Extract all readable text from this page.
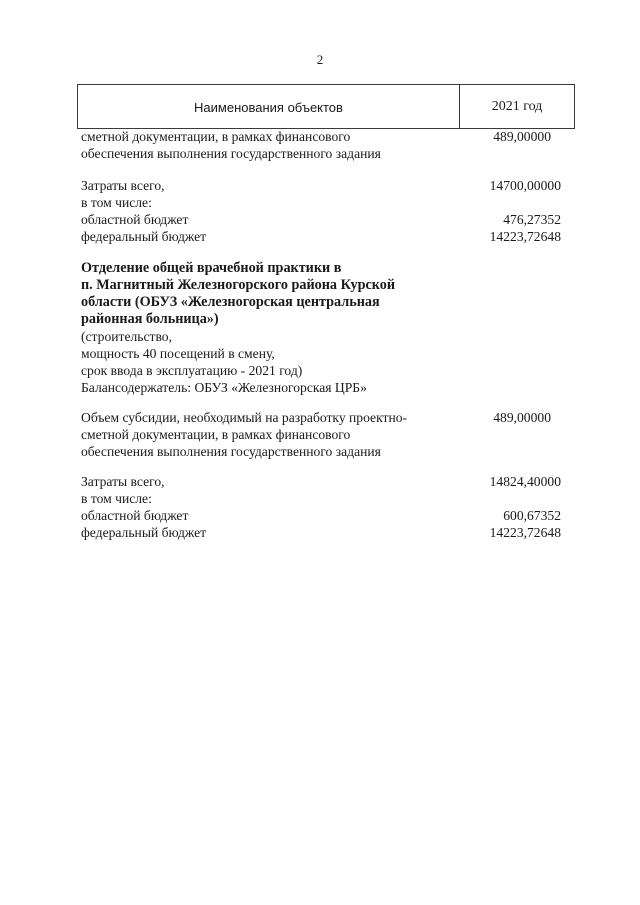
2
Наименования объектов	2021 год
сметной документации, в рамках финансового
обеспечения выполнения государственного задания
489,00000
Затраты всего,
в том числе:
областной бюджет
федеральный бюджет
14700,00000

476,27352
14223,72648
Отделение общей врачебной практики в
п. Магнитный Железногорского района Курской
области (ОБУЗ «Железногорская центральная
районная больница»)
(строительство,
мощность 40 посещений в смену,
срок ввода в эксплуатацию - 2021 год)
Балансодержатель: ОБУЗ «Железногорская ЦРБ»
Объем субсидии, необходимый на разработку проектно-
сметной документации, в рамках финансового
обеспечения выполнения государственного задания
489,00000
Затраты всего,
в том числе:
областной бюджет
федеральный бюджет
14824,40000

600,67352
14223,72648
